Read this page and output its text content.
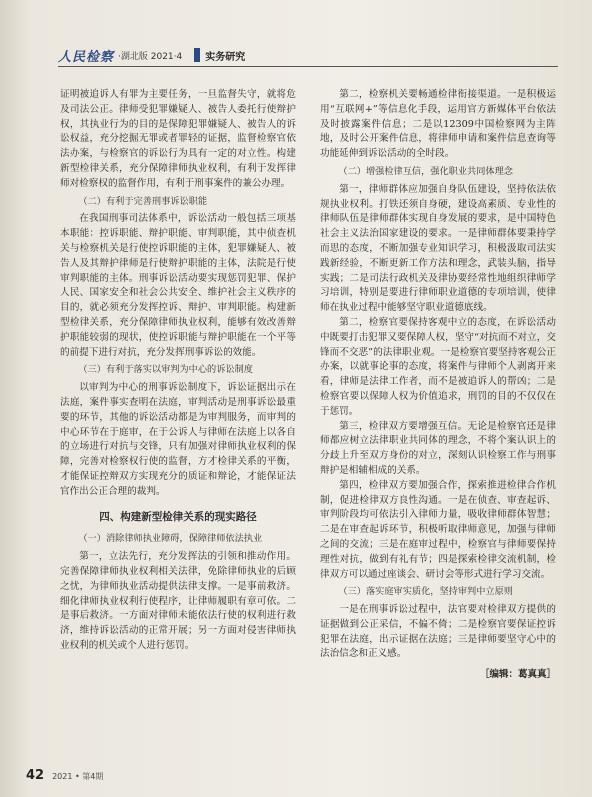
人民检察 ·湖北版 2021·4 实务研究

证明被追诉人有罪为主要任务，一旦监督失守，就将危及司法公正。律师受犯罪嫌疑人、被告人委托行使辩护权，其执业行为的目的是保障犯罪嫌疑人、被告人的诉讼权益，充分挖掘无罪或者罪轻的证据，监督检察官依法办案，与检察官的诉讼行为具有一定的对立性。构建新型检律关系，充分保障律师执业权利，有利于发挥律师对检察权的监督作用，有利于刑事案件的兼公办理。

（二）有利于完善刑事诉讼职能

在我国刑事司法体系中，诉讼活动一般包括三项基本职能：控诉职能、辩护职能、审判职能，其中侦查机关与检察机关是行使控诉职能的主体，犯罪嫌疑人、被告人及其辩护律师是行使辩护职能的主体，法院是行使审判职能的主体。刑事诉讼活动要实现惩罚犯罪、保护人民、国家安全和社会公共安全、维护社会主义秩序的目的，就必须充分发挥控诉、辩护、审判职能。构建新型检律关系，充分保障律师执业权利，能够有效改善辩护职能较弱的现状，使控诉职能与辩护职能在一个平等的前提下进行对抗，充分发挥刑事诉讼的效能。

（三）有利于落实以审判为中心的诉讼制度

以审判为中心的刑事诉讼制度下，诉讼证据出示在法庭，案件事实查明在法庭，审判活动是刑事诉讼最重要的环节，其他的诉讼活动都是为审判服务，而审判的中心环节在于庭审，在于公诉人与律师在法庭上以各自的立场进行对抗与交锋，只有加强对律师执业权利的保障，完善对检察权行使的监督，方才检律关系的平衡，才能保证控辩双方实现充分的质证和辩论，才能保证法官作出公正合理的裁判。

四、构建新型检律关系的现实路径
（一）消除律师执业障碍，保障律师依法执业

第一，立法先行，充分发挥法的引领和推动作用。完善保障律师执业权利相关法律，免除律师执业的后顾之忧，为律师执业活动提供法律支撑。一是事前救济。细化律师执业权利行使程序，让律师履职有章可依。二是事后救济。一方面对律师未能依法行使的权利进行救济，维持诉讼活动的正常开展；另一方面对侵害律师执业权利的机关或个人进行惩罚。

第二，检察机关要畅通检律衔接渠道。一是积极运用“互联网+”等信息化手段，运用官方新媒体平台依法及时披露案件信息；二是以12309中国检察网为主阵地，及时公开案件信息，将律师申请和案件信息查询等功能延伸到诉讼活动的全时段。

（二）增强检律互信，强化职业共同体理念

第一，律师群体应加强自身队伍建设，坚持依法依规执业权利。打铁还须自身硬，建设高素质、专业性的律师队伍是律师群体实现自身发展的要求，是中国特色社会主义法治国家建设的要求。一是律师群体要秉持学而思的态度，不断加强专业知识学习，积极汲取司法实践新经验，不断更新工作方法和理念，武装头脑，指导实践；二是司法行政机关及律协要经常性地组织律师学习培训，特别是要进行律师职业道德的专项培训，使律师在执业过程中能够坚守职业道德底线。

第二，检察官要保持客观中立的态度，在诉讼活动中既要打击犯罪又要保障人权，坚守“对抗而不对立，交锋而不交恶”的法律职业观。一是检察官要坚持客观公正办案，以就事论事的态度，将案件与律师个人剥离开来看，律师是法律工作者，而不是被追诉人的帮凶；二是检察官要以保障人权为价值追求，刑罚的目的不仅仅在于惩罚。

第三，检律双方要增强互信。无论是检察官还是律师都应树立法律职业共同体的理念，不将个案认识上的分歧上升至双方身份的对立，深刻认识检察工作与刑事辩护是相辅相成的关系。

第四，检律双方要加强合作，探索推进检律合作机制，促进检律双方良性沟通。一是在侦查、审查起诉、审判阶段均可依法引入律师力量，吸收律师群体智慧；二是在审查起诉环节，积极听取律师意见，加强与律师之间的交流；三是在庭审过程中，检察官与律师要保持理性对抗，做到有礼有节；四是探索检律交流机制，检律双方可以通过座谈会、研讨会等形式进行学习交流。

（三）落实庭审实质化，坚持审判中立原则

一是在刑事诉讼过程中，法官要对检律双方提供的证据做到公正采信，不偏不倚；二是检察官要保证控诉犯罪在法庭，出示证据在法庭；三是律师要坚守心中的法治信念和正义感。

［编辑：葛真真］
42 2021 • 第4期
